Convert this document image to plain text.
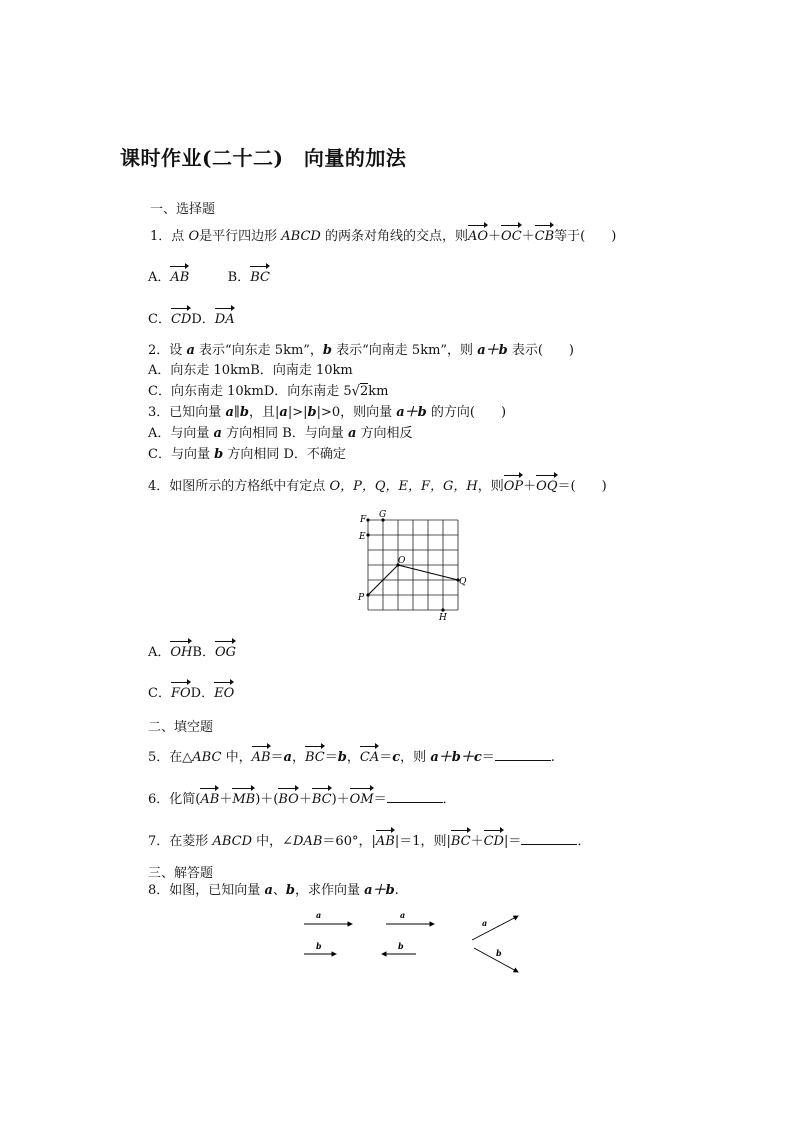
课时作业(二十二)　向量的加法
一、选择题
1．点 O是平行四边形 ABCD 的两条对角线的交点，则AO＋OC＋CB等于(　　)
A．AB	B．BC
C．CDD．DA
2．设 a 表示“向东走 5km”，b 表示“向南走 5km”，则 a＋b 表示(　　)
A．向东走 10kmB．向南走 10km
C．向东南走 10kmD．向东南走 5√2km
3．已知向量 a∥b，且|a|>|b|>0，则向量 a＋b 的方向(　　)
A．与向量 a 方向相同 B．与向量 a 方向相反
C．与向量 b 方向相同 D．不确定
4．如图所示的方格纸中有定点 O，P，Q，E，F，G，H，则OP＋OQ＝(　　)
F G
E
O
Q
P
H
A．OHB．OG
C．FOD．EO
二、填空题
5．在△ABC 中，AB＝a，BC＝b，CA＝c，则 a＋b＋c＝	.
6．化简(AB＋MB)＋(BO＋BC)＋OM＝	．
7．在菱形 ABCD 中，∠DAB＝60°，|AB|＝1，则|BC＋CD|＝	．
三、解答题
8．如图，已知向量 a、b，求作向量 a＋b.
a
b
a
b
a
b
